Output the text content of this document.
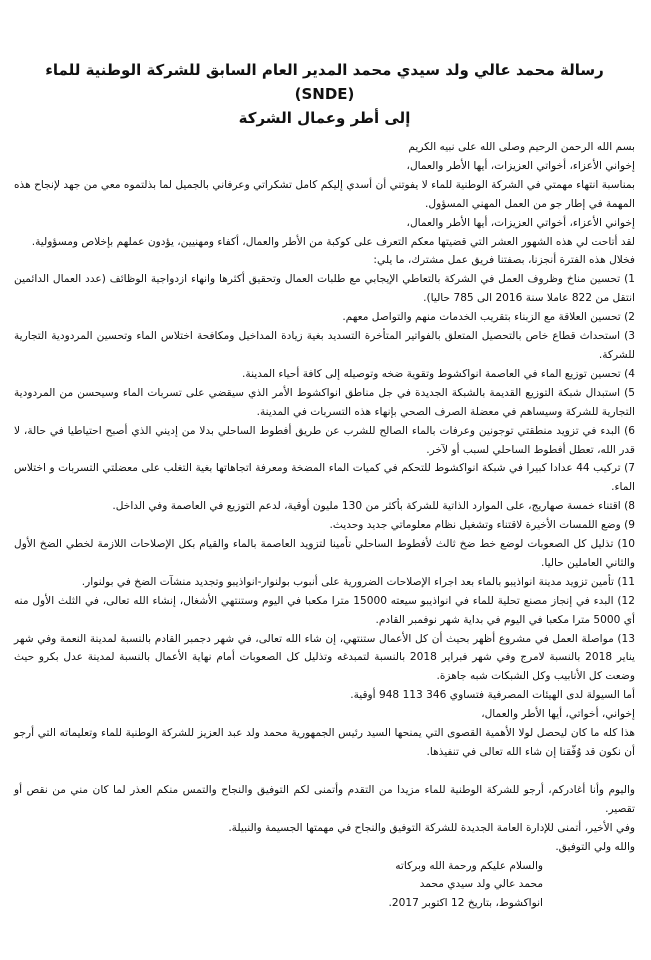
رسالة محمد عالي ولد سيدي محمد المدير العام السابق للشركة الوطنية للماء (SNDE)

إلى أطر وعمال الشركة

بسم الله الرحمن الرحيم وصلى الله على نبيه الكريم

إخواني الأعزاء، أخواتي العزيزات، أيها الأطر والعمال،

بمناسبة انتهاء مهمتي في الشركة الوطنية للماء لا يفوتني أن أسدي إليكم كامل تشكراتي وعرفاني بالجميل لما بذلتموه معي من جهد لإنجاح هذه المهمة في إطار جو من العمل المهني المسؤول.

إخواني الأعزاء، أخواتي العزيزات، أيها الأطر والعمال،

لقد أتاحت لي هذه الشهور العشر التي قضيتها معكم التعرف على كوكبة من الأطر والعمال، أكفاء ومهنيين، يؤدون عملهم بإخلاص ومسؤولية.

فخلال هذه الفترة أنجزنا، بصفتنا فريق عمل مشترك، ما يلي:

1) تحسين مناخ وظروف العمل في الشركة بالتعاطي الإيجابي مع طلبات العمال وتحقيق أكثرها وانهاء ازدواجية الوظائف (عدد العمال الدائمين انتقل من 822 عاملا سنة 2016 الى 785 حاليا).

2) تحسين العلاقة مع الزبناء بتقريب الخدمات منهم والتواصل معهم.

3) استحداث قطاع خاص بالتحصيل المتعلق بالفواتير المتأخرة التسديد بغية زيادة المداخيل ومكافحة اختلاس الماء وتحسين المردودية التجارية للشركة.

4) تحسين توزيع الماء في العاصمة انواكشوط وتقوية ضخه وتوصيله إلى كافة أحياء المدينة.

5) استبدال شبكة التوزيع القديمة بالشبكة الجديدة في جل مناطق انواكشوط الأمر الذي سيقضي على تسربات الماء وسيحسن من المردودية التجارية للشركة وسيساهم في معضلة الصرف الصحي بإنهاء هذه التسربات في المدينة.

6) البدء في تزويد منطقتي توجونين وعرفات بالماء الصالح للشرب عن طريق أفطوط الساحلي بدلا من إديني الذي أصبح احتياطيا في حالة، لا قدر الله، تعطل أفطوط الساحلي لسبب أو لآخر.

7) تركيب 44 عدادا كبيرا في شبكة انواكشوط للتحكم في كميات الماء المضخة ومعرفة اتجاهاتها بغية التغلب على معضلتي التسربات و اختلاس الماء.

8) اقتناء خمسة صهاريج، على الموارد الذاتية للشركة بأكثر من 130 مليون أوقية، لدعم التوزيع في العاصمة وفي الداخل.

9) وضع اللمسات الأخيرة لاقتناء وتشغيل نظام معلوماتي جديد وحديث.

10) تذليل كل الصعوبات لوضع خط ضخ ثالث لأفطوط الساحلي تأمينا لتزويد العاصمة بالماء والقيام بكل الإصلاحات اللازمة لخطي الضخ الأول والثاني العاملين حاليا.

11) تأمين تزويد مدينة انواذيبو بالماء بعد اجراء الإصلاحات الضرورية على أنبوب بولنوار-انواذيبو وتجديد منشآت الضخ في بولنوار.

12) البدء في إنجاز مصنع تحلية للماء في انواذيبو سيعته 15000 مترا مكعبا في اليوم وستنتهي الأشغال، إنشاء الله تعالى، في الثلث الأول منه أي 5000 مترا مكعبا في اليوم في بداية شهر نوفمبر القادم.

13) مواصلة العمل في مشروع أظهر بحيث أن كل الأعمال ستنتهي، إن شاء الله تعالى، في شهر دجمبر القادم بالنسبة لمدينة النعمة وفي شهر يناير 2018 بالنسبة لامرج وفي شهر فبراير 2018 بالنسبة لتمبدغه وتذليل كل الصعوبات أمام نهاية الأعمال بالنسبة لمدينة عدل بكرو حيث وضعت كل الأنابيب وكل الشبكات شبه جاهزة.

أما السيولة لدى الهيئات المصرفية فتساوي 346 113 948 أوقية.

إخواني، أخواتي، أيها الأطر والعمال،

هذا كله ما كان ليحصل لولا الأهمية القصوى التي يمنحها السيد رئيس الجمهورية محمد ولد عبد العزيز للشركة الوطنية للماء وتعليماته التي أرجو أن نكون قد وُفّقنا إن شاء الله تعالى في تنفيذها.

واليوم وأنا أغادركم، أرجو للشركة الوطنية للماء مزيدا من التقدم وأتمنى لكم التوفيق والنجاح والتمس منكم العذر لما كان مني من نقص أو تقصير.

وفي الأخير، أتمنى للإدارة العامة الجديدة للشركة التوفيق والنجاح في مهمتها الجسيمة والنبيلة.

والله ولي التوفيق.

والسلام عليكم ورحمة الله وبركاته
محمد عالي ولد سيدي محمد
انواكشوط، بتاريخ 12 اكتوبر 2017.
